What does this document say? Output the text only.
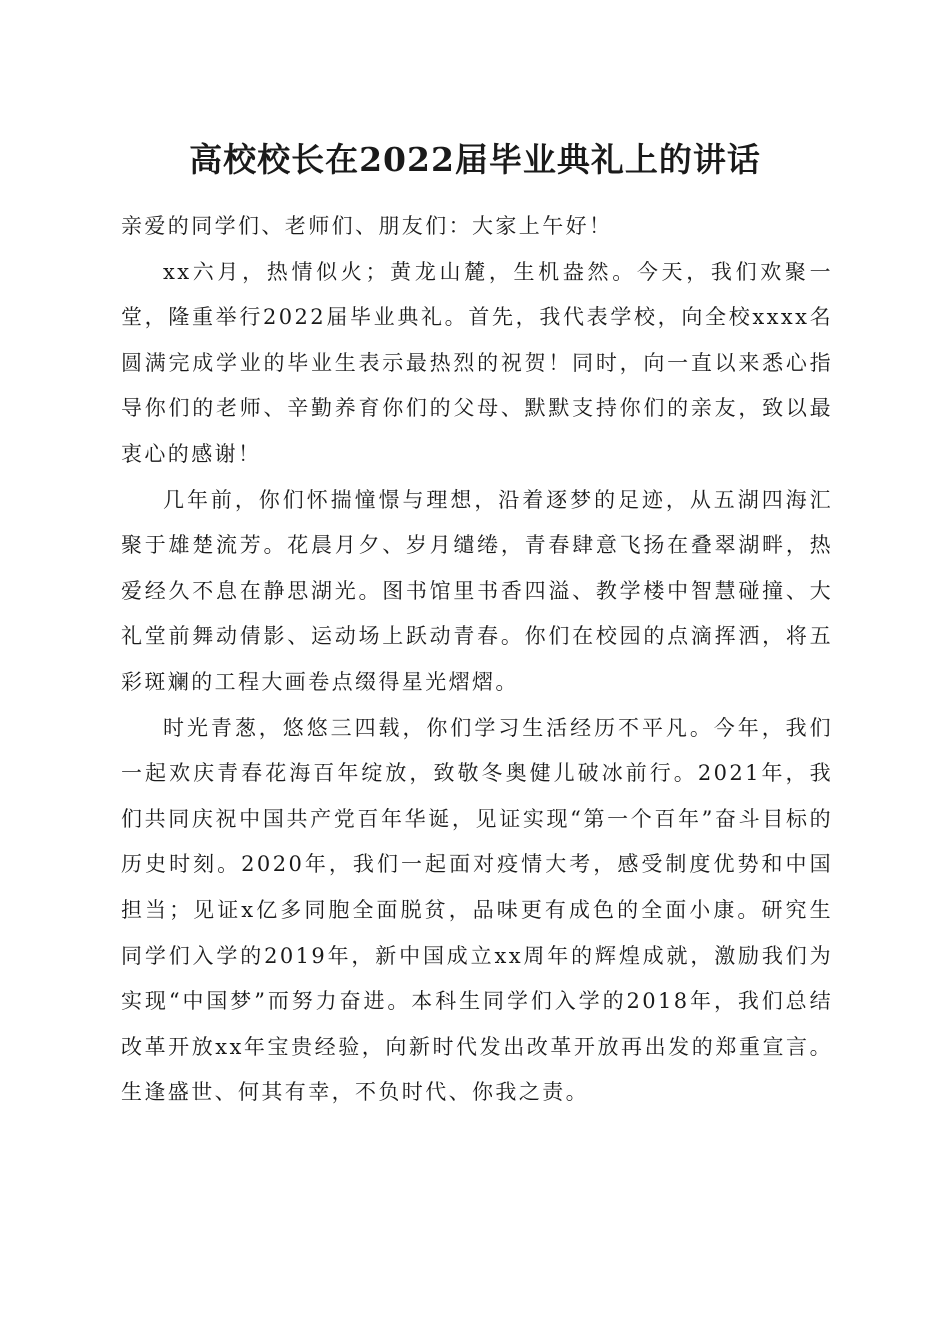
高校校长在2022届毕业典礼上的讲话

亲爱的同学们、老师们、朋友们：大家上午好！

xx六月，热情似火；黄龙山麓，生机盎然。今天，我们欢聚一堂，隆重举行2022届毕业典礼。首先，我代表学校，向全校xxxx名圆满完成学业的毕业生表示最热烈的祝贺！同时，向一直以来悉心指导你们的老师、辛勤养育你们的父母、默默支持你们的亲友，致以最衷心的感谢！

几年前，你们怀揣憧憬与理想，沿着逐梦的足迹，从五湖四海汇聚于雄楚流芳。花晨月夕、岁月缱绻，青春肆意飞扬在叠翠湖畔，热爱经久不息在静思湖光。图书馆里书香四溢、教学楼中智慧碰撞、大礼堂前舞动倩影、运动场上跃动青春。你们在校园的点滴挥洒，将五彩斑斓的工程大画卷点缀得星光熠熠。

时光青葱，悠悠三四载，你们学习生活经历不平凡。今年，我们一起欢庆青春花海百年绽放，致敬冬奥健儿破冰前行。2021年，我们共同庆祝中国共产党百年华诞，见证实现“第一个百年”奋斗目标的历史时刻。2020年，我们一起面对疫情大考，感受制度优势和中国担当；见证x亿多同胞全面脱贫，品味更有成色的全面小康。研究生同学们入学的2019年，新中国成立xx周年的辉煌成就，激励我们为实现“中国梦”而努力奋进。本科生同学们入学的2018年，我们总结改革开放xx年宝贵经验，向新时代发出改革开放再出发的郑重宣言。生逢盛世、何其有幸，不负时代、你我之责。
